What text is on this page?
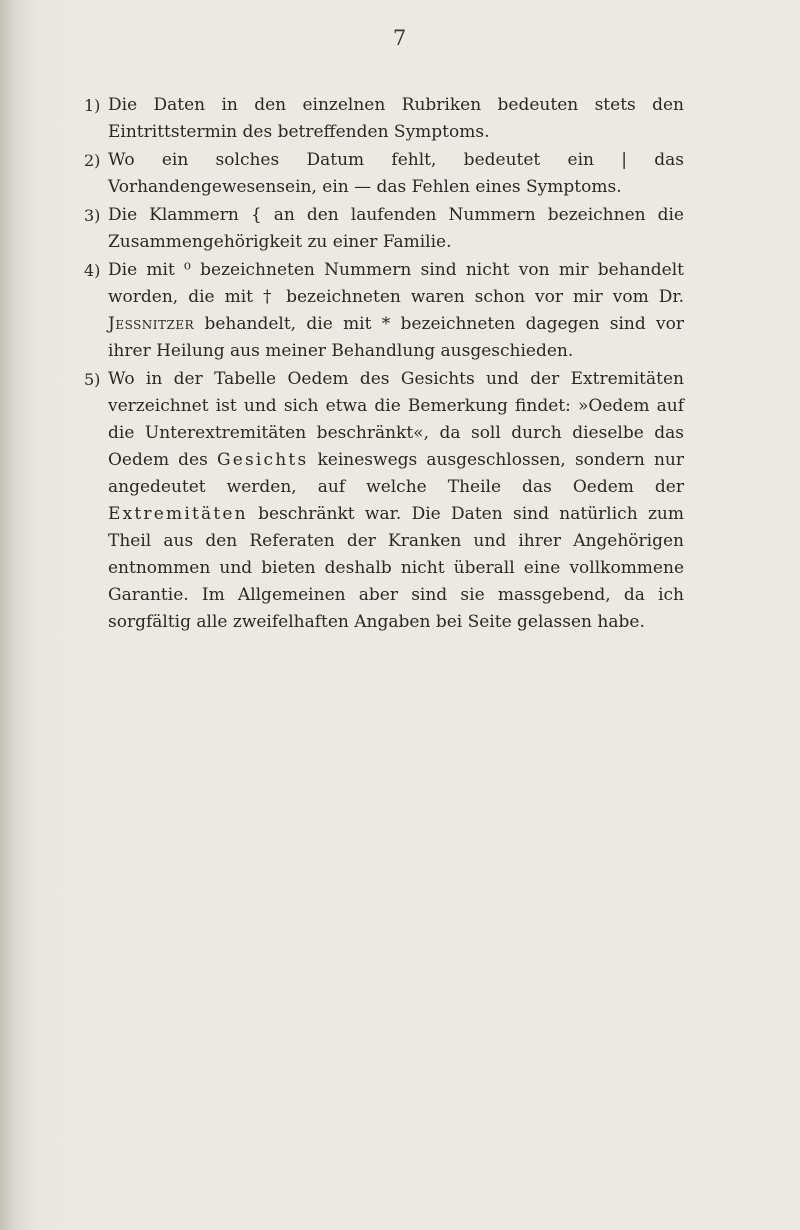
7
1) Die Daten in den einzelnen Rubriken bedeuten stets den Eintrittstermin des betreffenden Symptoms.
2) Wo ein solches Datum fehlt, bedeutet ein | das Vorhandengewesensein, ein — das Fehlen eines Symptoms.
3) Die Klammern { an den laufenden Nummern bezeichnen die Zusammengehörigkeit zu einer Familie.
4) Die mit ⁰ bezeichneten Nummern sind nicht von mir behandelt worden, die mit † bezeichneten waren schon vor mir vom Dr. Jessnitzer behandelt, die mit * bezeichneten dagegen sind vor ihrer Heilung aus meiner Behandlung ausgeschieden.
5) Wo in der Tabelle Oedem des Gesichts und der Extremitäten verzeichnet ist und sich etwa die Bemerkung findet: »Oedem auf die Unterextremitäten beschränkt«, da soll durch dieselbe das Oedem des Gesichts keineswegs ausgeschlossen, sondern nur angedeutet werden, auf welche Theile das Oedem der Extremitäten beschränkt war. Die Daten sind natürlich zum Theil aus den Referaten der Kranken und ihrer Angehörigen entnommen und bieten deshalb nicht überall eine vollkommene Garantie. Im Allgemeinen aber sind sie massgebend, da ich sorgfältig alle zweifelhaften Angaben bei Seite gelassen habe.
